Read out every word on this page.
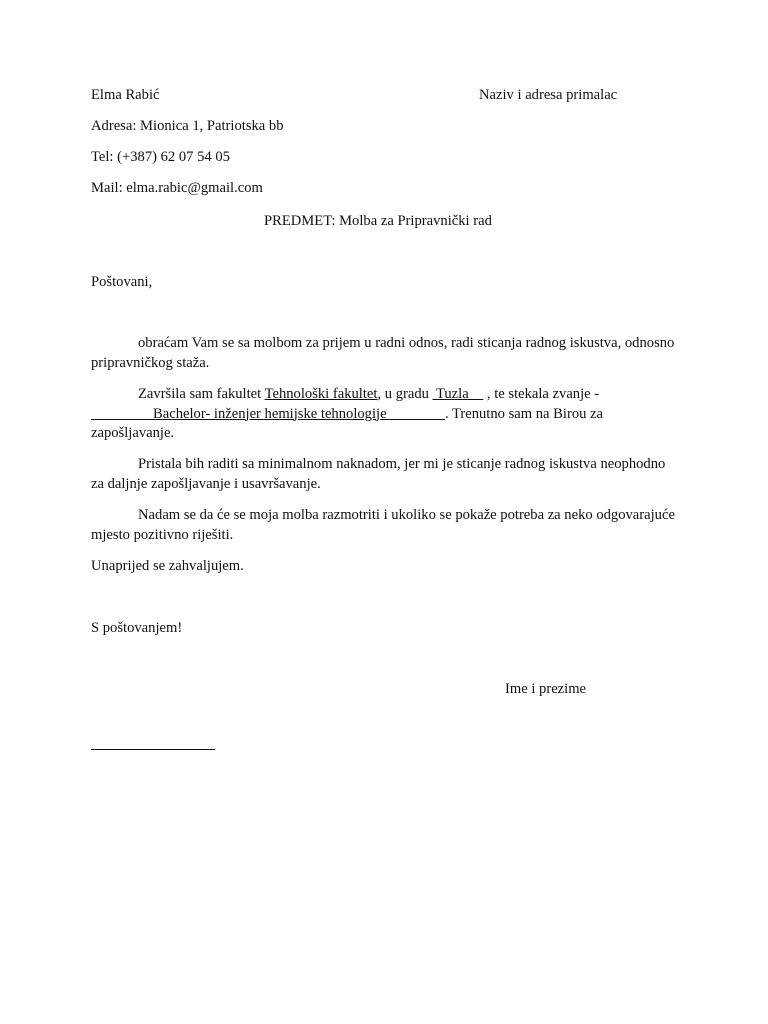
Elma Rabić	Naziv i adresa primalac
Adresa: Mionica 1, Patriotska bb
Tel: (+387) 62 07 54 05
Mail: elma.rabic@gmail.com
PREDMET: Molba za Pripravnički rad
Poštovani,
obraćam Vam se sa molbom za prijem u radni odnos, radi sticanja radnog iskustva, odnosno pripravničkog staža.
Završila sam fakultet Tehnološki fakultet, u gradu  Tuzla     , te stekala zvanje -                  Bachelor- inženjer hemijske tehnologije                . Trenutno sam na Birou za zapošljavanje.
Pristala bih raditi sa minimalnom naknadom, jer mi je sticanje radnog iskustva neophodno za daljnje zapošljavanje i usavršavanje.
Nadam se da će se moja molba razmotriti i ukoliko se pokaže potreba za neko odgovarajuće mjesto pozitivno riješiti.
Unaprijed se zahvaljujem.
S poštovanjem!
Ime i prezime
